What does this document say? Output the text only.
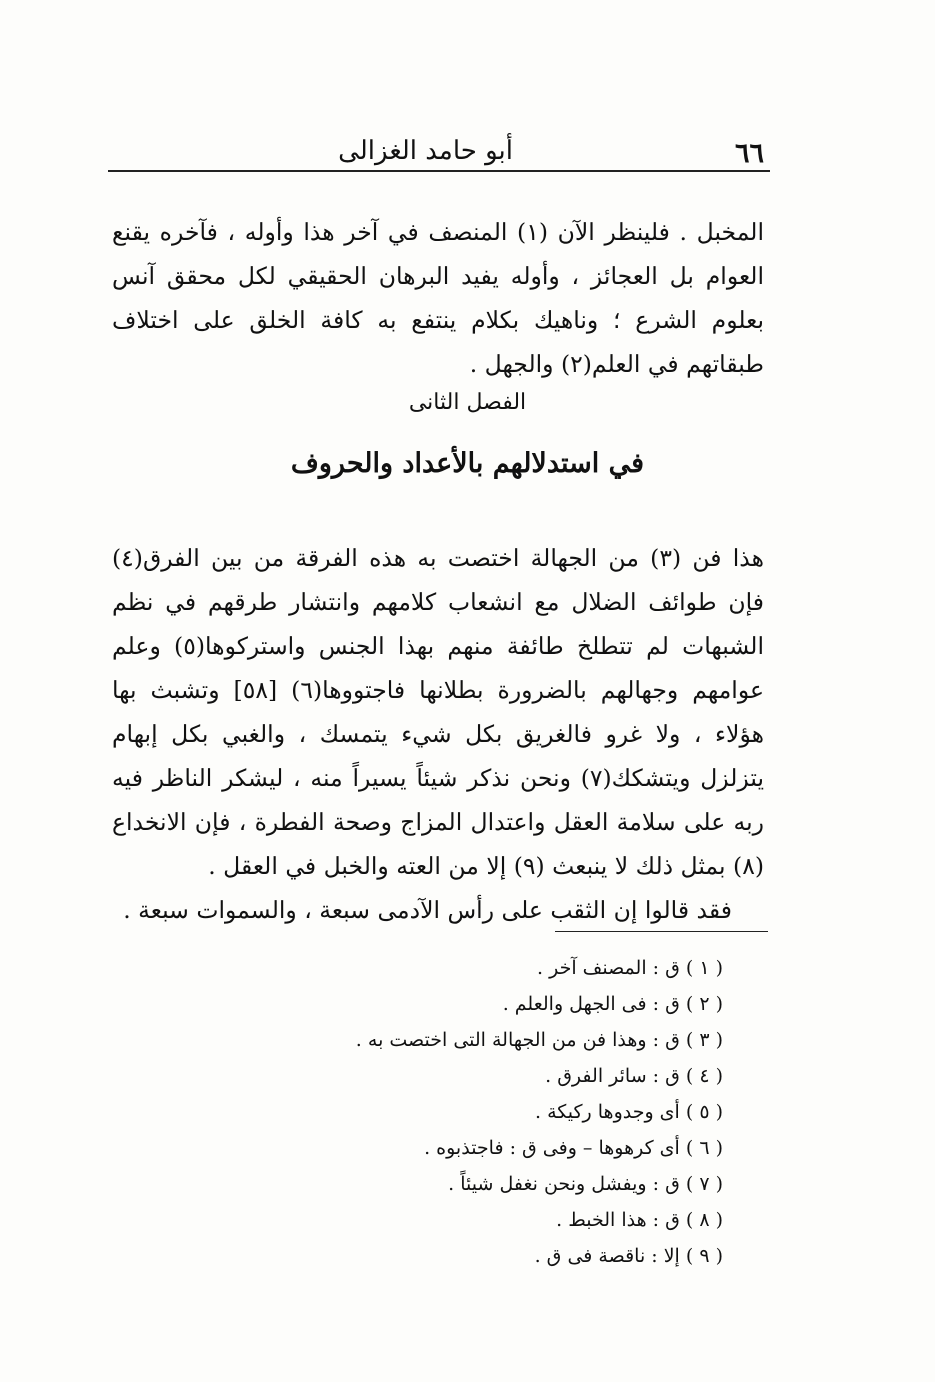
٦٦
أبو حامد الغزالى

المخبل . فلينظر الآن (١) المنصف في آخر هذا وأوله ، فآخره يقنع العوام بل العجائز ، وأوله يفيد البرهان الحقيقي لكل محقق آنس بعلوم الشرع ؛ وناهيك بكلام ينتفع به كافة الخلق على اختلاف طبقاتهم في العلم(٢) والجهل .

الفصل الثانى
في استدلالهم بالأعداد والحروف

هذا فن (٣) من الجهالة اختصت به هذه الفرقة من بين الفرق(٤) فإن طوائف الضلال مع انشعاب كلامهم وانتشار طرقهم في نظم الشبهات لم تتطلخ طائفة منهم بهذا الجنس واستركوها(٥) وعلم عوامهم وجهالهم بالضرورة بطلانها فاجتووها(٦) [٥٨] وتشبث بها هؤلاء ، ولا غرو فالغريق بكل شيء يتمسك ، والغبي بكل إبهام يتزلزل ويتشكك(٧) ونحن نذكر شيئاً يسيراً منه ، ليشكر الناظر فيه ربه على سلامة العقل واعتدال المزاج وصحة الفطرة ، فإن الانخداع (٨) بمثل ذلك لا ينبعث (٩) إلا من العته والخبل في العقل .

فقد قالوا إن الثقب على رأس الآدمى سبعة ، والسموات سبعة .

( ١ ) ق : المصنف آخر .
( ٢ ) ق : فى الجهل والعلم .
( ٣ ) ق : وهذا فن من الجهالة التى اختصت به .
( ٤ ) ق : سائر الفرق .
( ٥ ) أى وجدوها ركيكة .
( ٦ ) أى كرهوها – وفى ق : فاجتذبوه .
( ٧ ) ق : ويفشل ونحن نغفل شيئاً .
( ٨ ) ق : هذا الخبط .
( ٩ ) إلا : ناقصة فى ق .
